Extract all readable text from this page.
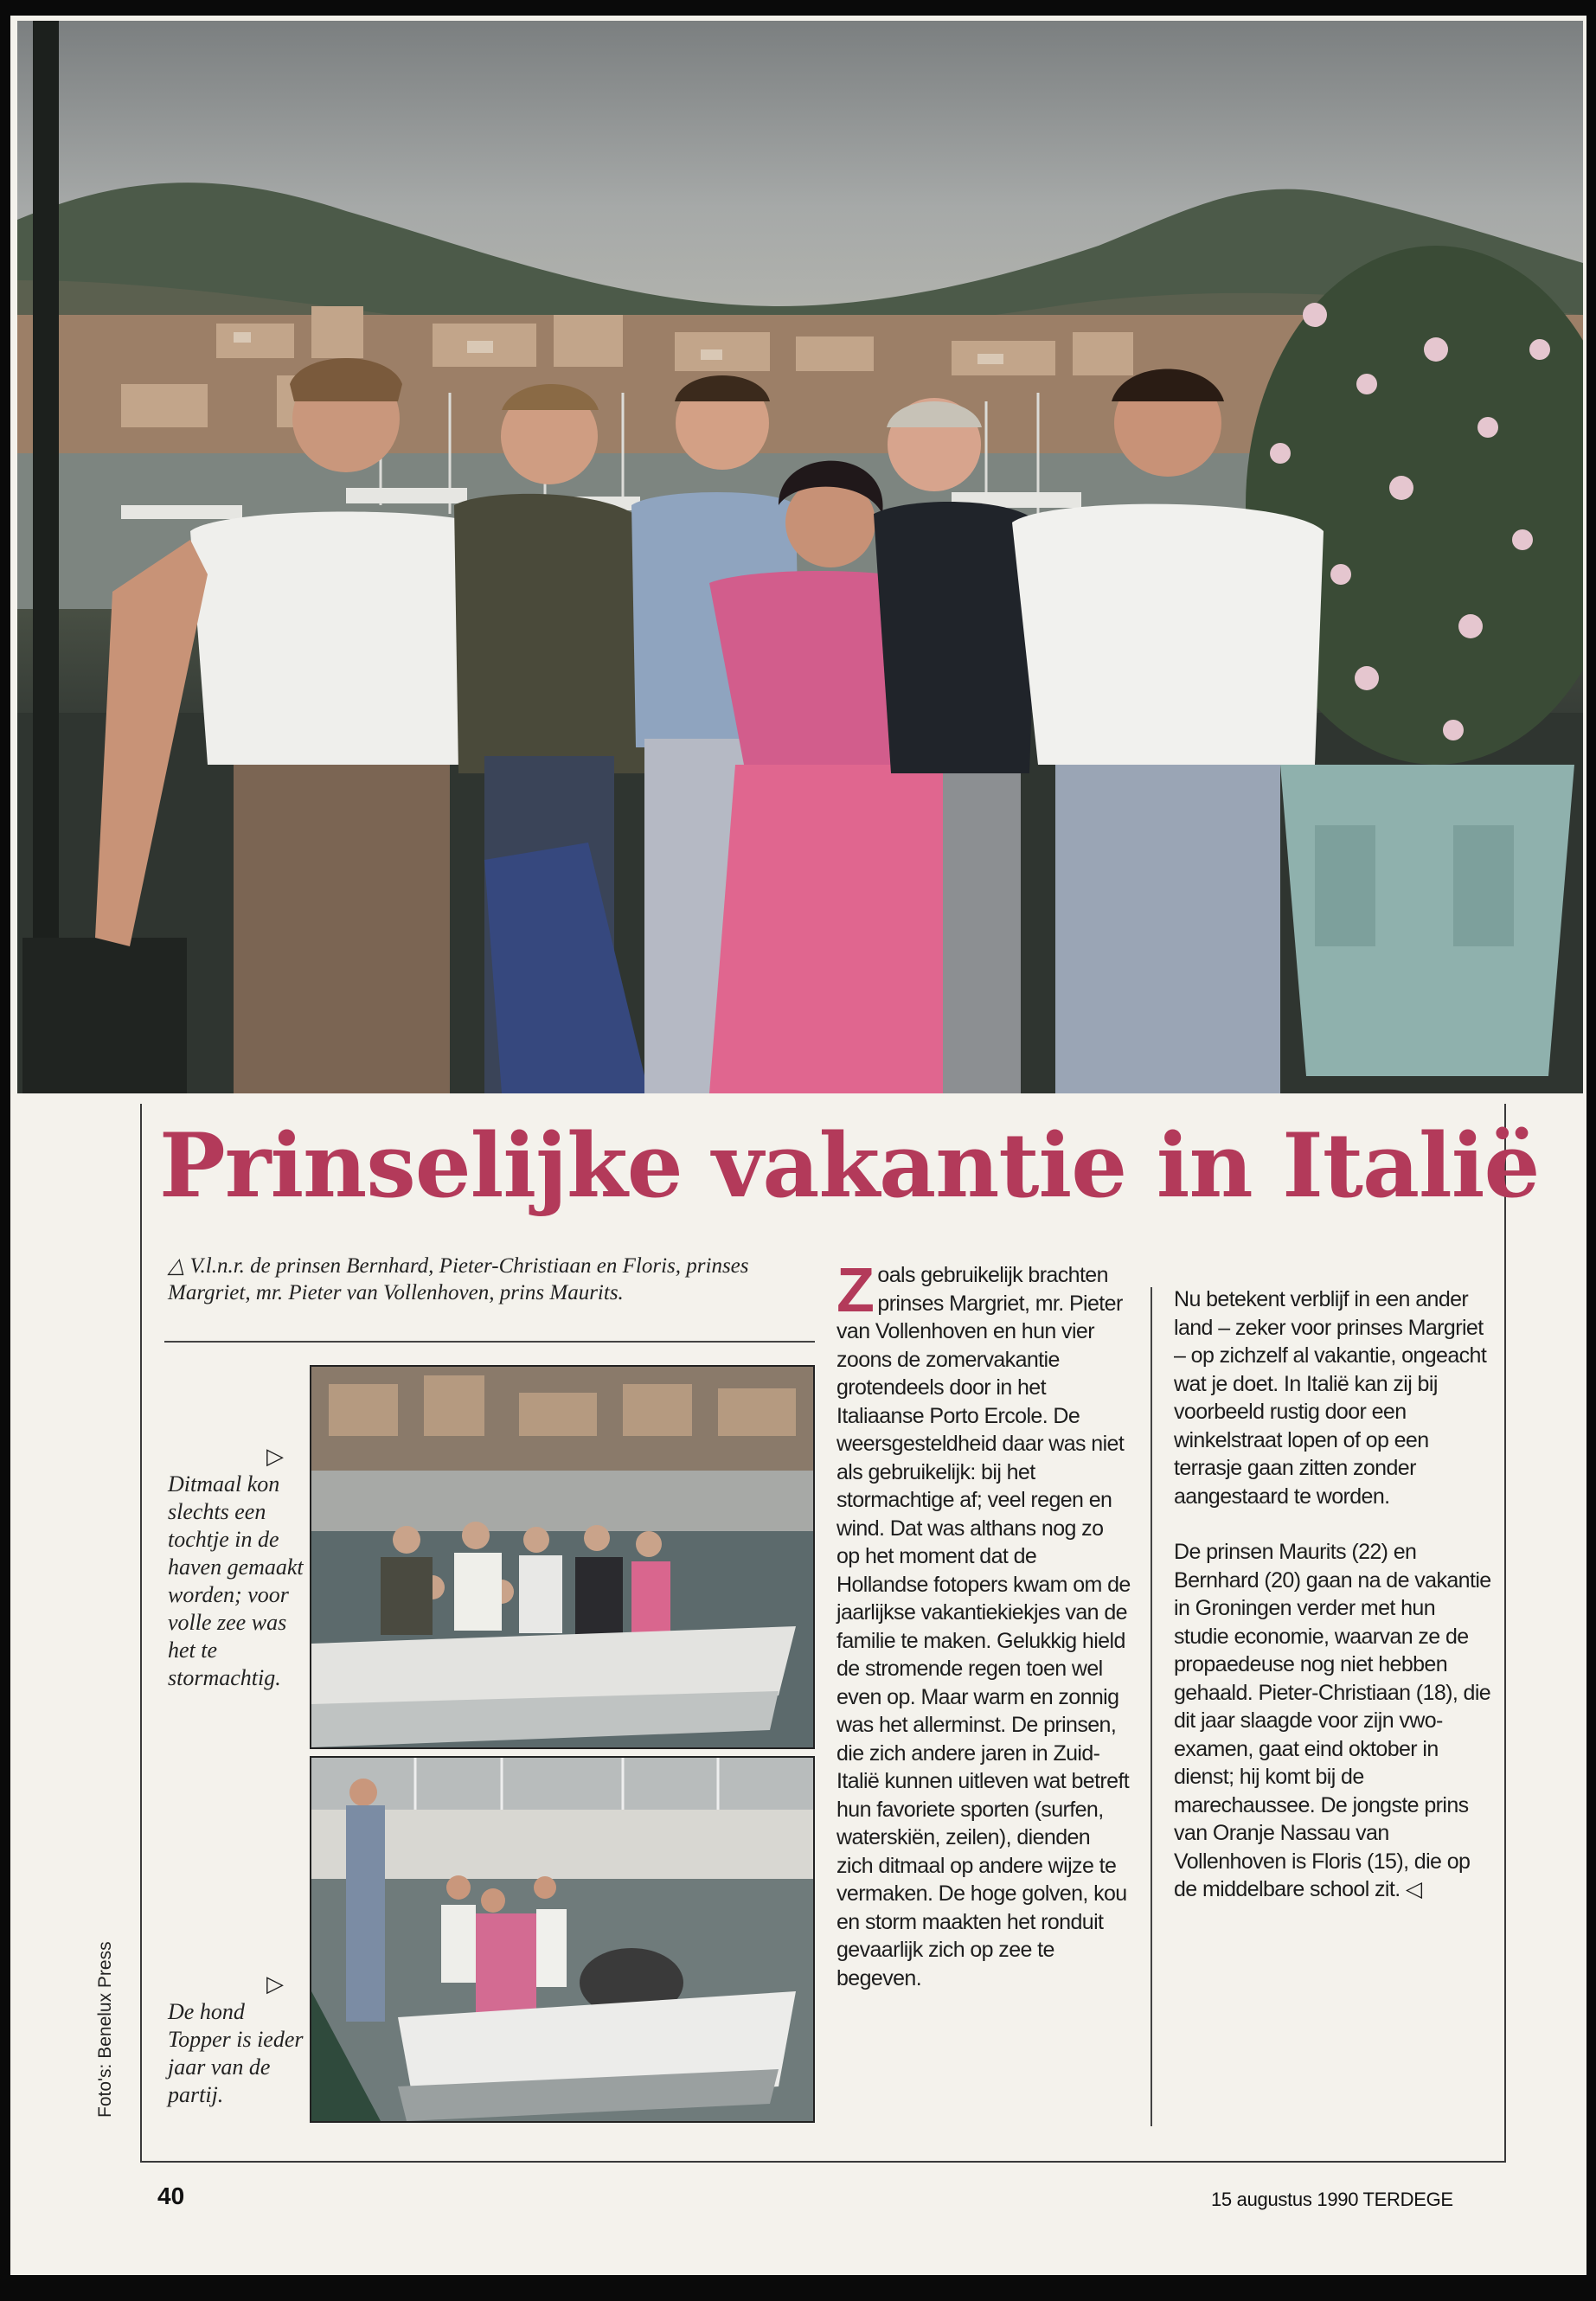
Prinselijke vakantie in Italië
△ V.l.n.r. de prinsen Bernhard, Pieter-Christiaan en Floris, prinses Margriet, mr. Pieter van Vollenhoven, prins Maurits.
▷
Ditmaal kon slechts een tochtje in de haven gemaakt worden; voor volle zee was het te stormachtig.
▷
De hond Topper is ieder jaar van de partij.
Z oals gebruikelijk brachten prinses Margriet, mr. Pieter van Vollenhoven en hun vier zoons de zomervakantie grotendeels door in het Italiaanse Porto Ercole. De weersgesteldheid daar was niet als gebruikelijk: bij het stormachtige af; veel regen en wind. Dat was althans nog zo op het moment dat de Hollandse fotopers kwam om de jaarlijkse vakantiekiekjes van de familie te maken. Gelukkig hield de stromende regen toen wel even op. Maar warm en zonnig was het allerminst. De prinsen, die zich andere jaren in Zuid-Italië kunnen uitleven wat betreft hun favoriete sporten (surfen, waterskiën, zeilen), dienden zich ditmaal op andere wijze te vermaken. De hoge golven, kou en storm maakten het ronduit gevaarlijk zich op zee te begeven.

Nu betekent verblijf in een ander land – zeker voor prinses Margriet – op zichzelf al vakantie, ongeacht wat je doet. In Italië kan zij bij voorbeeld rustig door een winkelstraat lopen of op een terrasje gaan zitten zonder aangestaard te worden.

De prinsen Maurits (22) en Bernhard (20) gaan na de vakantie in Groningen verder met hun studie economie, waarvan ze de propaedeuse nog niet hebben gehaald. Pieter-Christiaan (18), die dit jaar slaagde voor zijn vwo-examen, gaat eind oktober in dienst; hij komt bij de marechaussee. De jongste prins van Oranje Nassau van Vollenhoven is Floris (15), die op de middelbare school zit. ◁

Foto's: Benelux Press
40	15 augustus 1990 TERDEGE
